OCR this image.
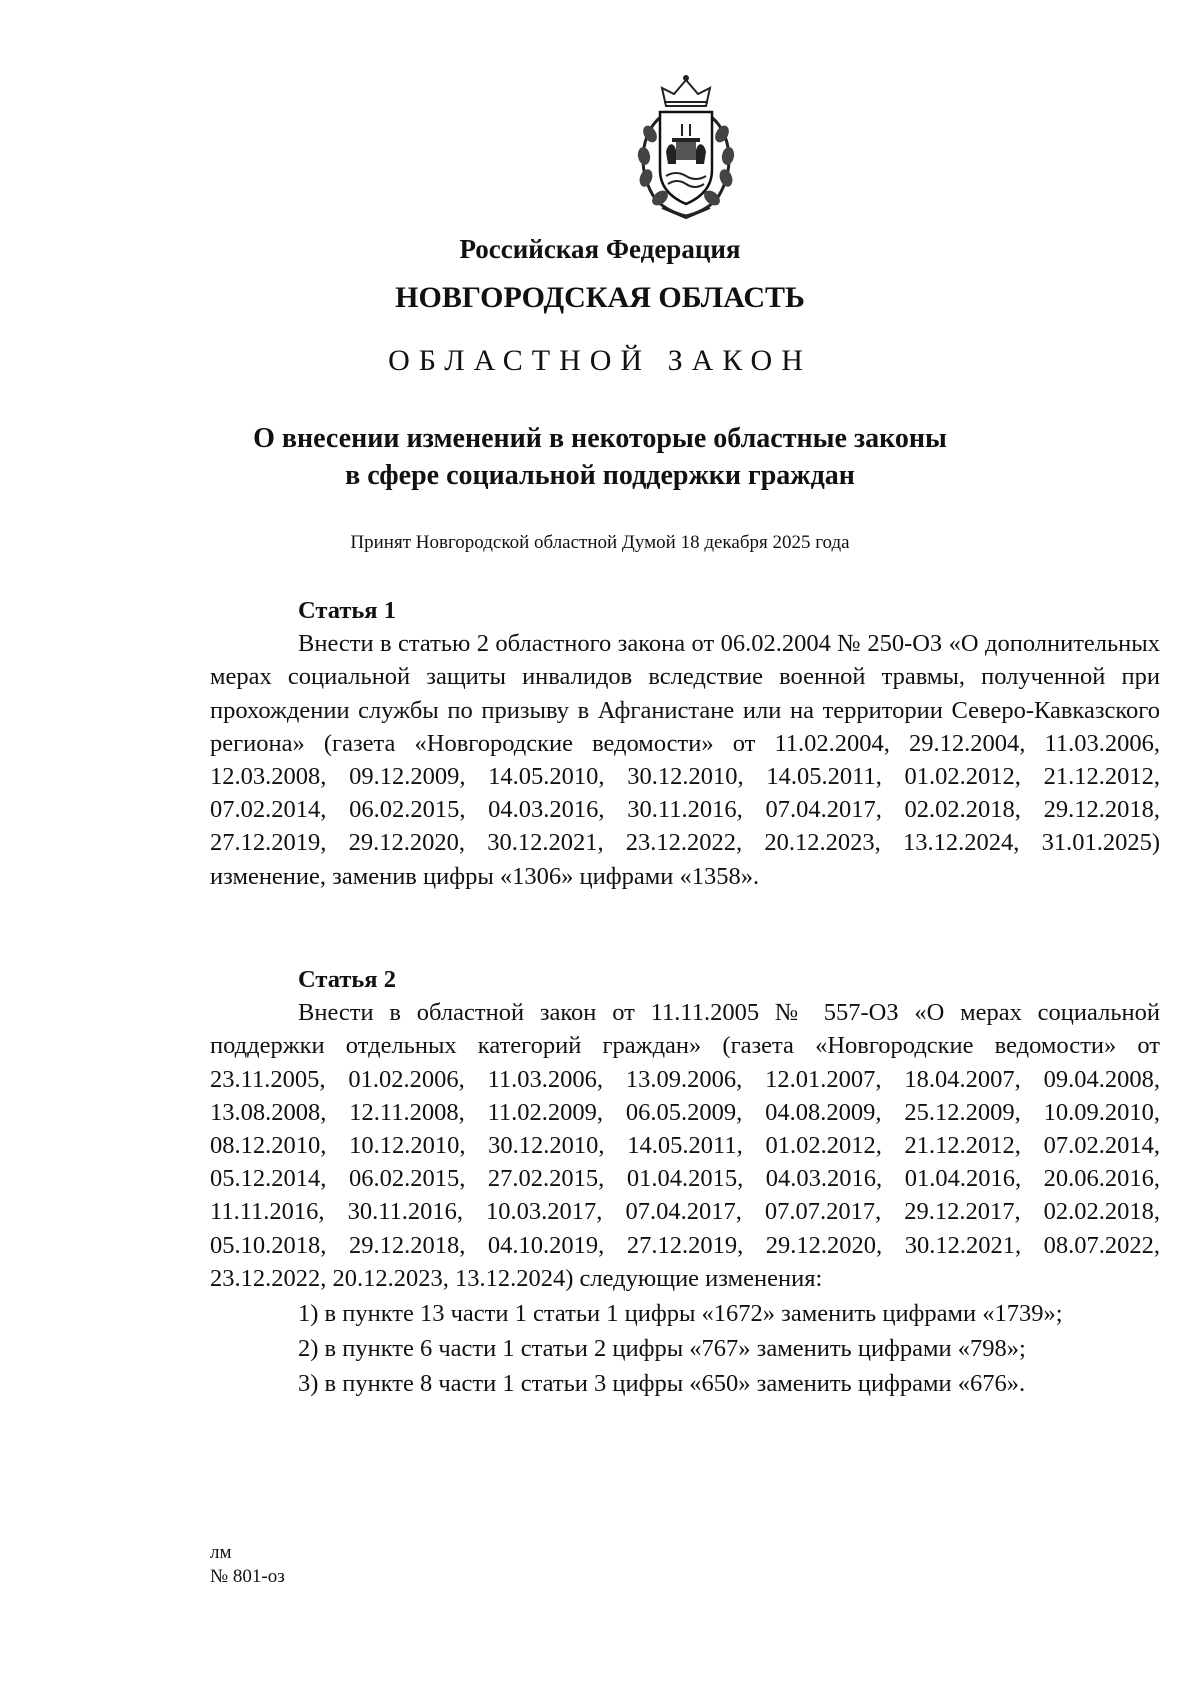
Российская Федерация
НОВГОРОДСКАЯ ОБЛАСТЬ
ОБЛАСТНОЙ ЗАКОН
О внесении изменений в некоторые областные законы
в сфере социальной поддержки граждан
Принят Новгородской областной Думой 18 декабря 2025 года
Статья 1

Внести в статью 2 областного закона от 06.02.2004 № 250-ОЗ «О дополнительных мерах социальной защиты инвалидов вследствие военной травмы, полученной при прохождении службы по призыву в Афганистане или на территории Северо-Кавказского региона» (газета «Новгородские ведомости» от 11.02.2004, 29.12.2004, 11.03.2006, 12.03.2008, 09.12.2009, 14.05.2010, 30.12.2010, 14.05.2011, 01.02.2012, 21.12.2012, 07.02.2014, 06.02.2015, 04.03.2016, 30.11.2016, 07.04.2017, 02.02.2018, 29.12.2018, 27.12.2019, 29.12.2020, 30.12.2021, 23.12.2022, 20.12.2023, 13.12.2024, 31.01.2025) изменение, заменив цифры «1306» цифрами «1358».

Статья 2

Внести в областной закон от 11.11.2005 № 557-ОЗ «О мерах социальной поддержки отдельных категорий граждан» (газета «Новгородские ведомости» от 23.11.2005, 01.02.2006, 11.03.2006, 13.09.2006, 12.01.2007, 18.04.2007, 09.04.2008, 13.08.2008, 12.11.2008, 11.02.2009, 06.05.2009, 04.08.2009, 25.12.2009, 10.09.2010, 08.12.2010, 10.12.2010, 30.12.2010, 14.05.2011, 01.02.2012, 21.12.2012, 07.02.2014, 05.12.2014, 06.02.2015, 27.02.2015, 01.04.2015, 04.03.2016, 01.04.2016, 20.06.2016, 11.11.2016, 30.11.2016, 10.03.2017, 07.04.2017, 07.07.2017, 29.12.2017, 02.02.2018, 05.10.2018, 29.12.2018, 04.10.2019, 27.12.2019, 29.12.2020, 30.12.2021, 08.07.2022, 23.12.2022, 20.12.2023, 13.12.2024) следующие изменения:

1) в пункте 13 части 1 статьи 1 цифры «1672» заменить цифрами «1739»;

2) в пункте 6 части 1 статьи 2 цифры «767» заменить цифрами «798»;

3) в пункте 8 части 1 статьи 3 цифры «650» заменить цифрами «676».

лм
№ 801-оз
